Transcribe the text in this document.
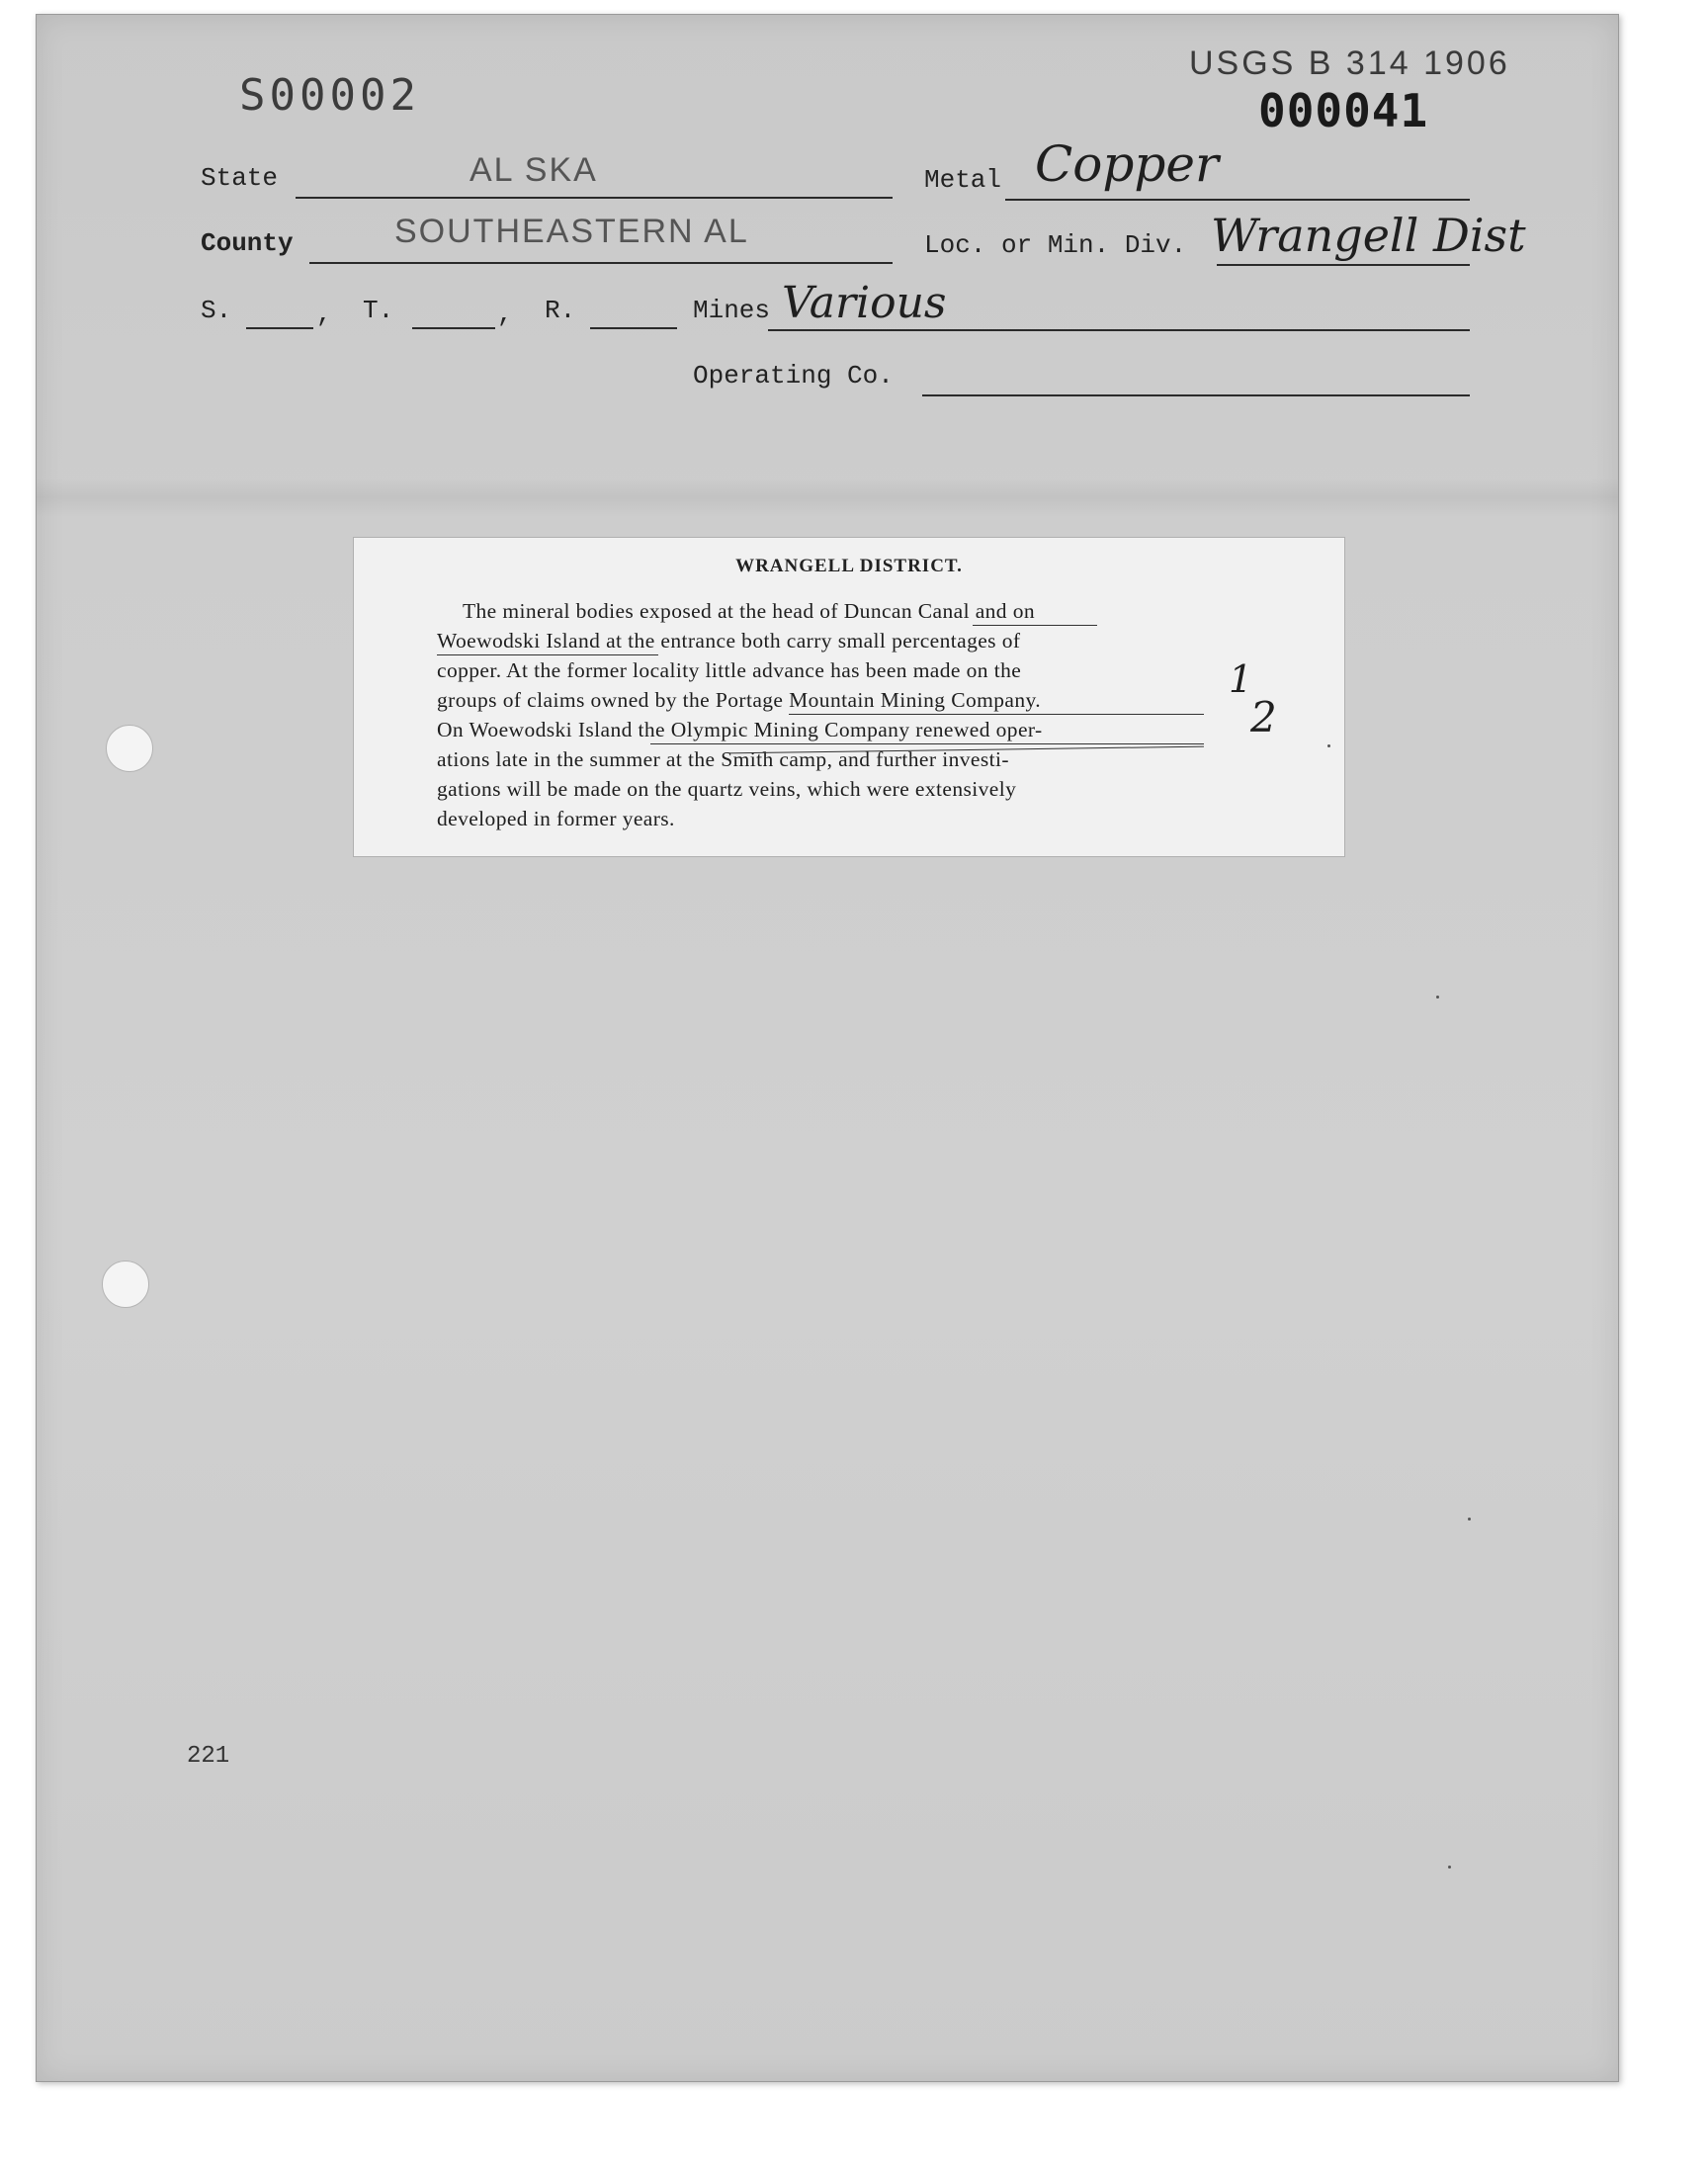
S00002
USGS B 314 1906
000041
State	AL SKA	Metal Copper
County	SOUTHEASTERN AL	Loc. or Min. Div. Wrangell Dist
S.	, T.	, R.	Mines Various
Operating Co.
WRANGELL DISTRICT.
The mineral bodies exposed at the head of Duncan Canal and on
Woewodski Island at the entrance both carry small percentages of
copper. At the former locality little advance has been made on the
groups of claims owned by the Portage Mountain Mining Company.
On Woewodski Island the Olympic Mining Company renewed oper-
ations late in the summer at the Smith camp, and further investi-
gations will be made on the quartz veins, which were extensively
developed in former years.
1
2
221
